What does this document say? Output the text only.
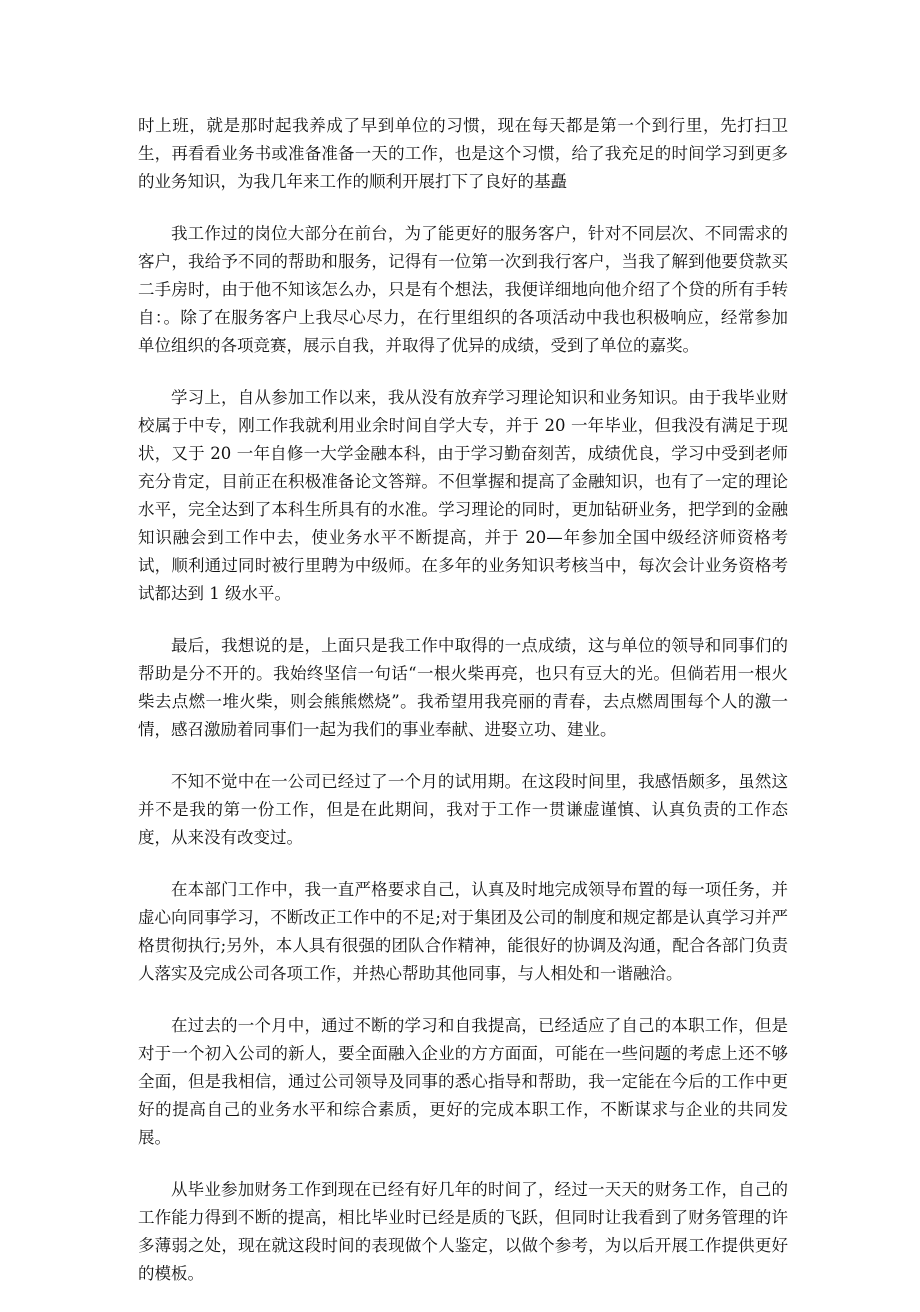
时上班，就是那时起我养成了早到单位的习惯，现在每天都是第一个到行里，先打扫卫生，再看看业务书或准备准备一天的工作，也是这个习惯，给了我充足的时间学习到更多的业务知识，为我几年来工作的顺利开展打下了良好的基矗

我工作过的岗位大部分在前台，为了能更好的服务客户，针对不同层次、不同需求的客户，我给予不同的帮助和服务，记得有一位第一次到我行客户，当我了解到他要贷款买二手房时，由于他不知该怎么办，只是有个想法，我便详细地向他介绍了个贷的所有手转自：。除了在服务客户上我尽心尽力，在行里组织的各项活动中我也积极响应，经常参加单位组织的各项竞赛，展示自我，并取得了优异的成绩，受到了单位的嘉奖。

学习上，自从参加工作以来，我从没有放弃学习理论知识和业务知识。由于我毕业财校属于中专，刚工作我就利用业余时间自学大专，并于 20 一年毕业，但我没有满足于现状，又于 20 一年自修一大学金融本科，由于学习勤奋刻苦，成绩优良，学习中受到老师充分肯定，目前正在积极准备论文答辩。不但掌握和提高了金融知识，也有了一定的理论水平，完全达到了本科生所具有的水准。学习理论的同时，更加钻研业务，把学到的金融知识融会到工作中去，使业务水平不断提高，并于 20—年参加全国中级经济师资格考试，顺利通过同时被行里聘为中级师。在多年的业务知识考核当中，每次会计业务资格考试都达到 1 级水平。

最后，我想说的是，上面只是我工作中取得的一点成绩，这与单位的领导和同事们的帮助是分不开的。我始终坚信一句话“一根火柴再亮，也只有豆大的光。但倘若用一根火柴去点燃一堆火柴，则会熊熊燃烧”。我希望用我亮丽的青春，去点燃周围每个人的激一情，感召激励着同事们一起为我们的事业奉献、进娶立功、建业。

不知不觉中在一公司已经过了一个月的试用期。在这段时间里，我感悟颇多，虽然这并不是我的第一份工作，但是在此期间，我对于工作一贯谦虚谨慎、认真负责的工作态度，从来没有改变过。

在本部门工作中，我一直严格要求自己，认真及时地完成领导布置的每一项任务，并虚心向同事学习，不断改正工作中的不足;对于集团及公司的制度和规定都是认真学习并严格贯彻执行;另外，本人具有很强的团队合作精神，能很好的协调及沟通，配合各部门负责人落实及完成公司各项工作，并热心帮助其他同事，与人相处和一谐融洽。

在过去的一个月中，通过不断的学习和自我提高，已经适应了自己的本职工作，但是对于一个初入公司的新人，要全面融入企业的方方面面，可能在一些问题的考虑上还不够全面，但是我相信，通过公司领导及同事的悉心指导和帮助，我一定能在今后的工作中更好的提高自己的业务水平和综合素质，更好的完成本职工作，不断谋求与企业的共同发展。

从毕业参加财务工作到现在已经有好几年的时间了，经过一天天的财务工作，自己的工作能力得到不断的提高，相比毕业时已经是质的飞跃，但同时让我看到了财务管理的许多薄弱之处，现在就这段时间的表现做个人鉴定，以做个参考，为以后开展工作提供更好的模板。
